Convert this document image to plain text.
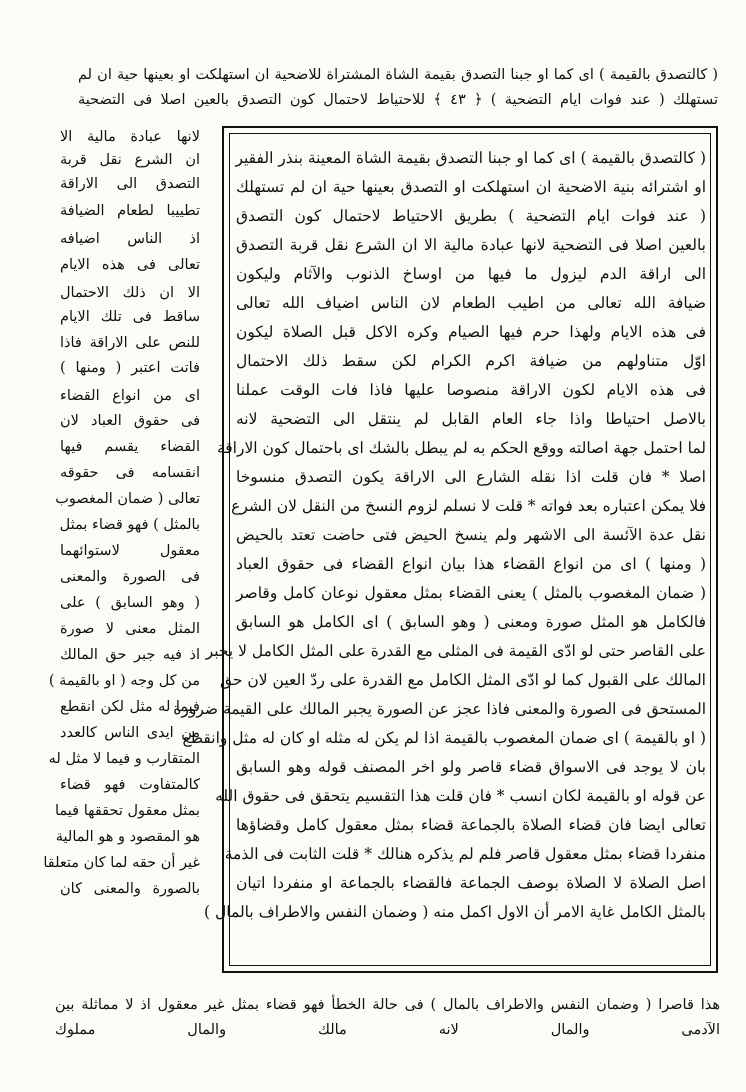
( كالتصدق بالقيمة ) اى كما او جبنا التصدق بقيمة الشاة المشتراة للاضحية ان استهلكت او بعينها حية ان لم
تستهلك ( عند فوات ايام التضحية ) ﴿ ٤٣ ﴾ للاحتياط لاحتمال كون التصدق بالعين اصلا فى التضحية
لانها عبادة مالية الا
ان الشرع نقل قربة
التصدق الى الاراقة
تطييبا لطعام الضيافة
اذ الناس اضيافه
تعالى فى هذه الايام
الا ان ذلك الاحتمال
ساقط فى تلك الايام
للنص على الاراقة فاذا
فاتت اعتبر ( ومنها )
اى من انواع القضاء
فى حقوق العباد لان
القضاء يقسم فيها
انقسامه فى حقوقه
تعالى ( ضمان المغصوب
بالمثل ) فهو قضاء بمثل
معقول لاستوائهما
فى الصورة والمعنى
( وهو السابق ) على
المثل معنى لا صورة
اذ فيه جبر حق المالك
من كل وجه ( او بالقيمة )
فيما له مثل لكن انقطع
من ايدى الناس كالعدد
المتقارب و فيما لا مثل له
كالمتفاوت فهو قضاء
بمثل معقول تحققها فيما
هو المقصود و هو المالية
غير أن حقه لما كان متعلقا
بالصورة والمعنى كان
( كالتصدق بالقيمة ) اى كما او جبنا التصدق بقيمة الشاة المعينة بنذر الفقير
او اشترائه بنية الاضحية ان استهلكت او التصدق بعينها حية ان لم تستهلك
( عند فوات ايام التضحية ) بطريق الاحتياط لاحتمال كون التصدق
بالعين اصلا فى التضحية لانها عبادة مالية الا ان الشرع نقل قربة التصدق
الى اراقة الدم ليزول ما فيها من اوساخ الذنوب والآثام وليكون
ضيافة الله تعالى من اطيب الطعام لان الناس اضياف الله تعالى
فى هذه الايام ولهذا حرم فيها الصيام وكره الاكل قبل الصلاة ليكون
اوّل متناولهم من ضيافة اكرم الكرام لكن سقط ذلك الاحتمال
فى هذه الايام لكون الاراقة منصوصا عليها فاذا فات الوقت عملنا
بالاصل احتياطا واذا جاء العام القابل لم ينتقل الى التضحية لانه
لما احتمل جهة اصالته ووقع الحكم به لم يبطل بالشك اى باحتمال كون الاراقة
اصلا * فان قلت اذا نقله الشارع الى الاراقة يكون التصدق منسوخا
فلا يمكن اعتباره بعد فواته * قلت لا نسلم لزوم النسخ من النقل لان الشرع
نقل عدة الآئسة الى الاشهر ولم ينسخ الحيض فتى حاضت تعتد بالحيض
( ومنها ) اى من انواع القضاء هذا بيان انواع القضاء فى حقوق العباد
( ضمان المغصوب بالمثل ) يعنى القضاء بمثل معقول نوعان كامل وقاصر
فالكامل هو المثل صورة ومعنى ( وهو السابق ) اى الكامل هو السابق
على القاصر حتى لو ادّى القيمة فى المثلى مع القدرة على المثل الكامل لا يجبر
المالك على القبول كما لو ادّى المثل الكامل مع القدرة على ردّ العين لان حق
المستحق فى الصورة والمعنى فاذا عجز عن الصورة يجبر المالك على القيمة ضرورة
( او بالقيمة ) اى ضمان المغصوب بالقيمة اذا لم يكن له مثله او كان له مثل وانقطع
بان لا يوجد فى الاسواق قضاء قاصر ولو اخر المصنف قوله وهو السابق
عن قوله او بالقيمة لكان انسب * فان قلت هذا التقسيم يتحقق فى حقوق الله
تعالى ايضا فان قضاء الصلاة بالجماعة قضاء بمثل معقول كامل وقضاؤها
منفردا قضاء بمثل معقول قاصر فلم لم يذكره هنالك * قلت الثابت فى الذمة
اصل الصلاة لا الصلاة بوصف الجماعة فالقضاء بالجماعة او منفردا اتيان
بالمثل الكامل غاية الامر أن الاول اكمل منه ( وضمان النفس والاطراف بالمال )
هذا قاصرا ( وضمان النفس والاطراف بالمال ) فى حالة الخطأ فهو قضاء بمثل غير معقول اذ لا مماثلة بين
الآدمى والمال لانه مالك والمال مملوك
